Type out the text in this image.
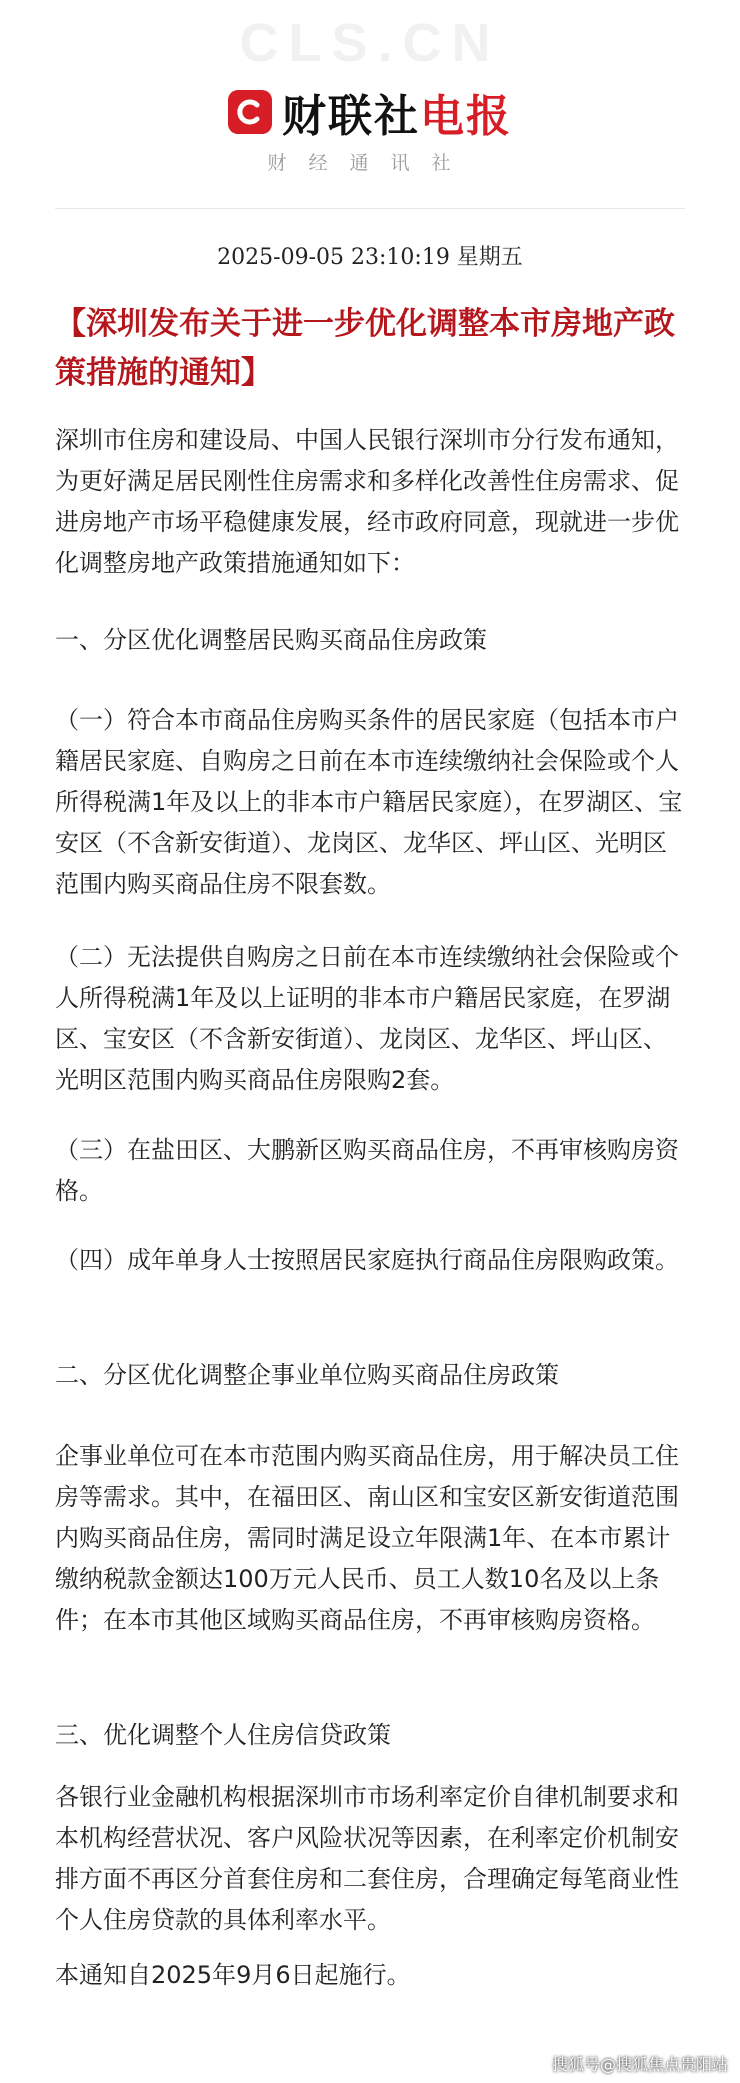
CLS.CN
财联社电报
财经通讯社
2025-09-05 23:10:19 星期五
【深圳发布关于进一步优化调整本市房地产政策措施的通知】

深圳市住房和建设局、中国人民银行深圳市分行发布通知，为更好满足居民刚性住房需求和多样化改善性住房需求、促进房地产市场平稳健康发展，经市政府同意，现就进一步优化调整房地产政策措施通知如下：

一、分区优化调整居民购买商品住房政策

（一）符合本市商品住房购买条件的居民家庭（包括本市户籍居民家庭、自购房之日前在本市连续缴纳社会保险或个人所得税满1年及以上的非本市户籍居民家庭），在罗湖区、宝安区（不含新安街道）、龙岗区、龙华区、坪山区、光明区范围内购买商品住房不限套数。

（二）无法提供自购房之日前在本市连续缴纳社会保险或个人所得税满1年及以上证明的非本市户籍居民家庭，在罗湖区、宝安区（不含新安街道）、龙岗区、龙华区、坪山区、光明区范围内购买商品住房限购2套。

（三）在盐田区、大鹏新区购买商品住房，不再审核购房资格。

（四）成年单身人士按照居民家庭执行商品住房限购政策。

二、分区优化调整企事业单位购买商品住房政策

企事业单位可在本市范围内购买商品住房，用于解决员工住房等需求。其中，在福田区、南山区和宝安区新安街道范围内购买商品住房，需同时满足设立年限满1年、在本市累计缴纳税款金额达100万元人民币、员工人数10名及以上条件；在本市其他区域购买商品住房，不再审核购房资格。

三、优化调整个人住房信贷政策

各银行业金融机构根据深圳市市场利率定价自律机制要求和本机构经营状况、客户风险状况等因素，在利率定价机制安排方面不再区分首套住房和二套住房，合理确定每笔商业性个人住房贷款的具体利率水平。

本通知自2025年9月6日起施行。

搜狐号@搜狐焦点贵阳站
